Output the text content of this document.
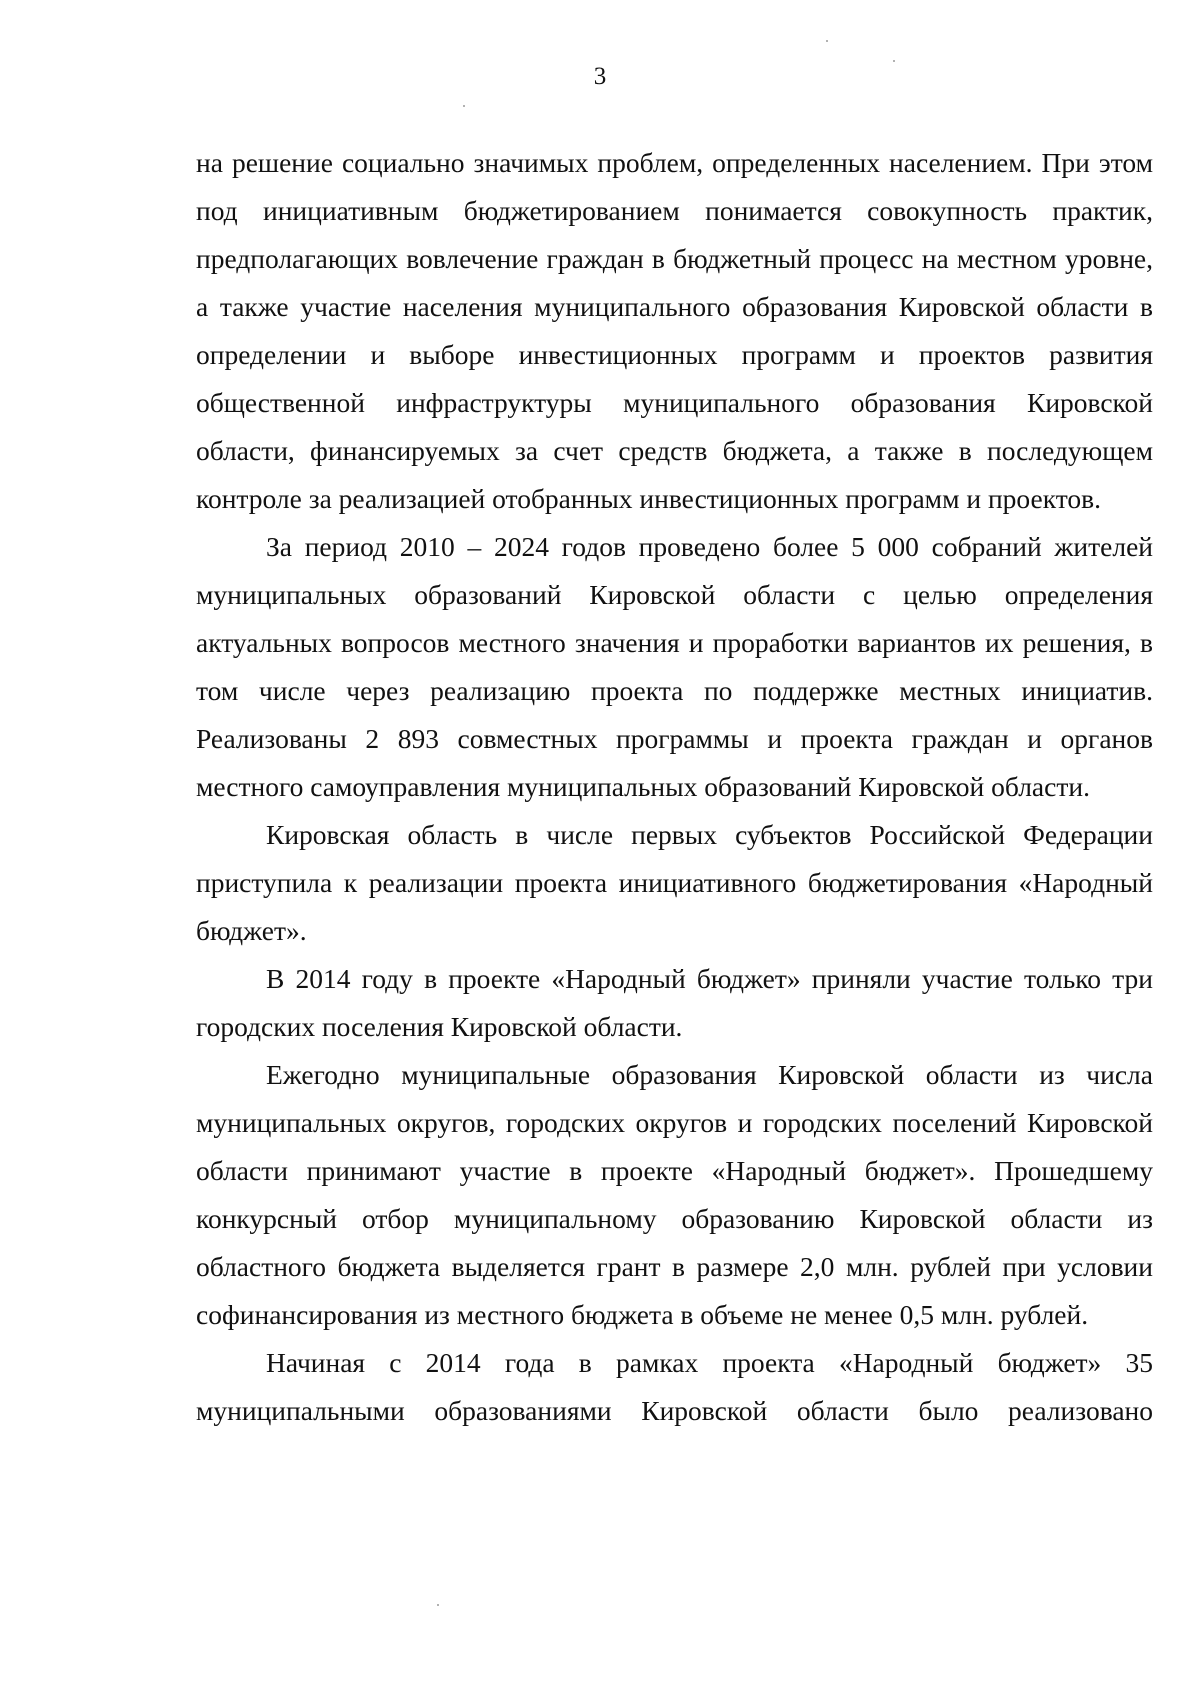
3

на решение социально значимых проблем, определенных населением. При этом под инициативным бюджетированием понимается совокупность практик, предполагающих вовлечение граждан в бюджетный процесс на местном уровне, а также участие населения муниципального образования Кировской области в определении и выборе инвестиционных программ и проектов развития общественной инфраструктуры муниципального образования Кировской области, финансируемых за счет средств бюджета, а также в последующем контроле за реализацией отобранных инвестиционных программ и проектов.

За период 2010 – 2024 годов проведено более 5 000 собраний жителей муниципальных образований Кировской области с целью определения актуальных вопросов местного значения и проработки вариантов их решения, в том числе через реализацию проекта по поддержке местных инициатив. Реализованы 2 893 совместных программы и проекта граждан и органов местного самоуправления муниципальных образований Кировской области.

Кировская область в числе первых субъектов Российской Федерации приступила к реализации проекта инициативного бюджетирования «Народный бюджет».

В 2014 году в проекте «Народный бюджет» приняли участие только три городских поселения Кировской области.

Ежегодно муниципальные образования Кировской области из числа муниципальных округов, городских округов и городских поселений Кировской области принимают участие в проекте «Народный бюджет». Прошедшему конкурсный отбор муниципальному образованию Кировской области из областного бюджета выделяется грант в размере 2,0 млн. рублей при условии софинансирования из местного бюджета в объеме не менее 0,5 млн. рублей.

Начиная с 2014 года в рамках проекта «Народный бюджет» 35 муниципальными образованиями Кировской области было реализовано
